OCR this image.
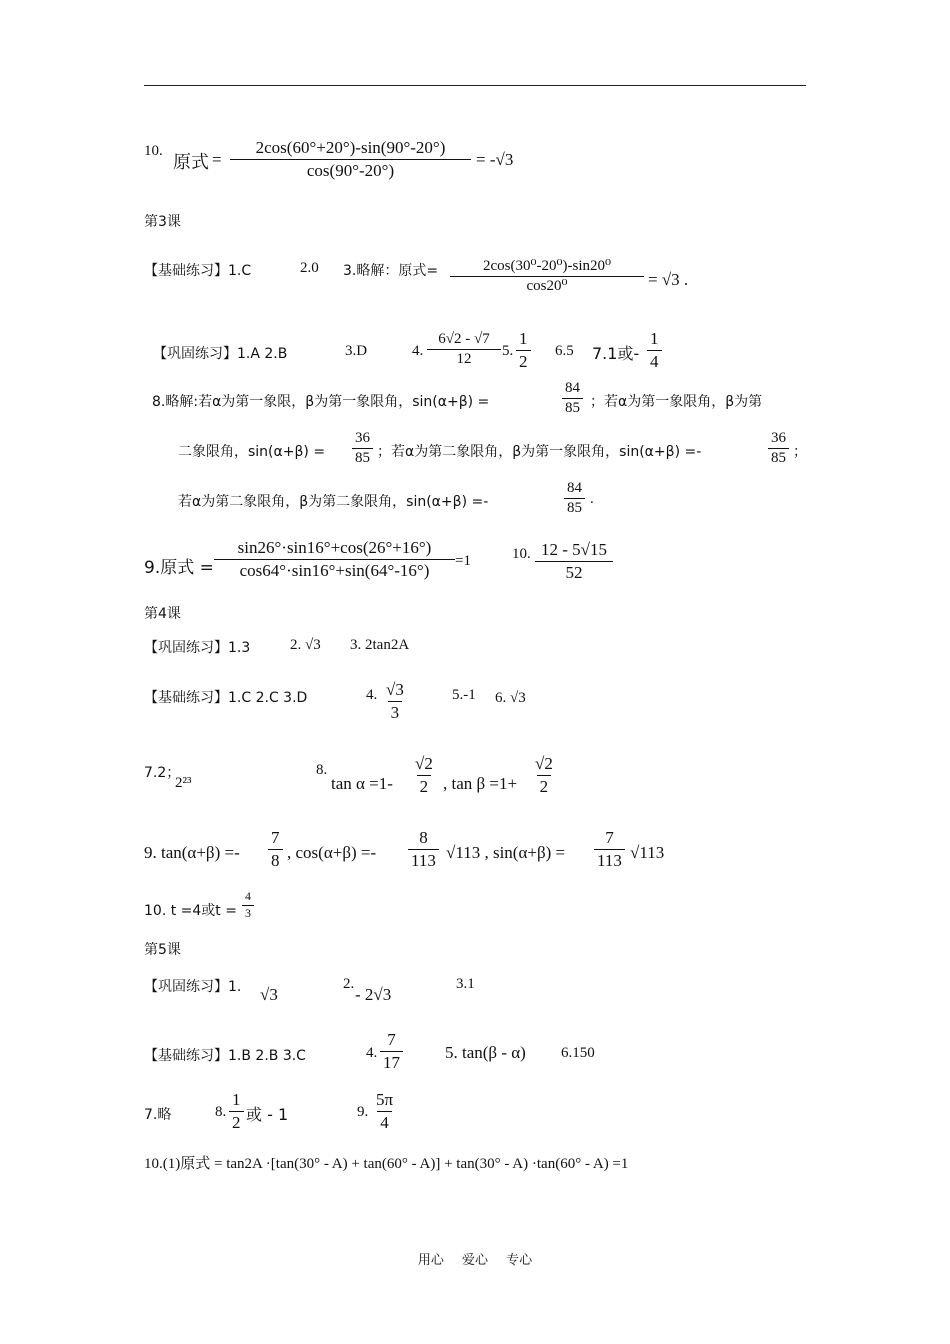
10.
原式 = $\frac{2\cos(60^\circ+20^\circ)-\sin(90^\circ-20^\circ)}{\cos(90^\circ-20^\circ)} = -√3$
第3课
【基础练习】1.C	2.0 3.略解：原式= $\frac{\text{2cos(30⁰-20⁰)-sin20⁰}}{\text{cos20⁰}} = √3$ .
【巩固练习】1.A 2.B	3.D	4. $\frac{6√2 - √7}{12} 5$. $\frac{1}{2} 6.5$ 7.1或- $\frac{1}{4}$
8.略解:若α为第一象限，β为第一象限角，sin(α+β) =	$\frac{84}{85}$ ；若α为第一象限角，β为第
二象限角，$\sin(\alpha+\beta) = \frac{36}{85}$ ；若α为第二象限角，β为第一象限角，sin(α+β) =-	$\frac{36}{85}$ ；
若α为第二象限角，β为第二象限角，sin(α+β) =-	$\frac{84}{85}$ .
9.原式 = $\frac{\sin 26^\circ\cdot\sin 16^\circ+\cos(26^\circ+16^\circ)}{\cos 64^\circ\cdot\sin 16^\circ+\sin(64^\circ-16^\circ)} =1$	10. $\frac{12 - 5√15}{52}$
第4课
【巩固练习】1.3	2. √3 3. 2tan2A
【基础练习】1.C 2.C 3.D	4. $\frac{√3}{3}$	5.-1 6. √3
7.2；
2²³
8.
$\tan \alpha =1- \frac{√2}{2}$ , $\tan \beta =1+ \frac{√2}{2}$
9. $\tan(\alpha+\beta) =- \frac{7}{8}$ , $\cos(\alpha+\beta) =- \frac{8}{113} √113$ , $\sin(\alpha+\beta) = \frac{7}{113} √113$
10. t =4或$t = \frac{4}{3}$
第5课
【巩固练习】1. √3
2.
- 2√3
3.1
【基础练习】1.B 2.B 3.C	4. $\frac{7}{17} 5$. tan(β - α) 6.150
7.略	8. $\frac{1}{2}$ 或 - 1	9. $\frac{5\pi}{4}$
10.(1)原式 = tan2A ·[tan(30° - A) + tan(60° - A)] + tan(30° - A) ·tan(60° - A) =1
用心 爱心 专心
